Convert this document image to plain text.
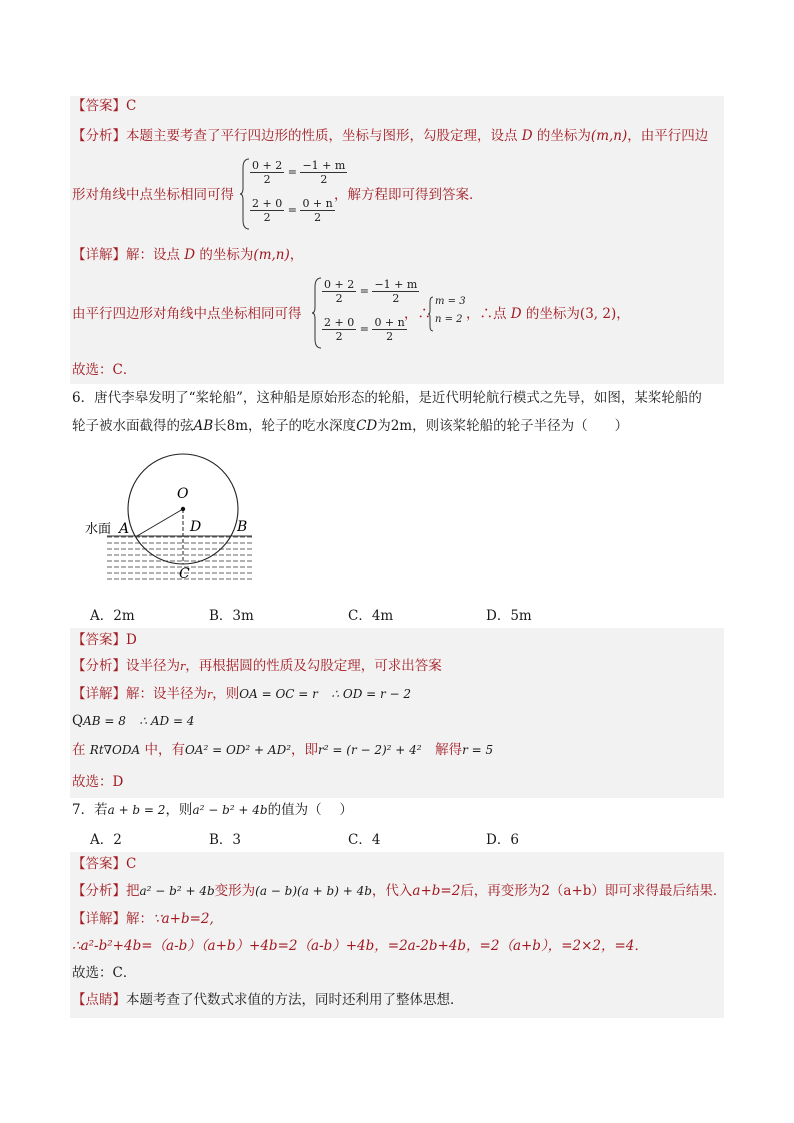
【答案】C
【分析】本题主要考查了平行四边形的性质，坐标与图形，勾股定理，设点 D 的坐标为(m,n)，由平行四边
形对角线中点坐标相同可得
$\frac{0 + 2}{2} = \frac{-1 + m}{2}$
$\frac{2 + 0}{2} = \frac{0 + n}{2}$
，解方程即可得到答案．
【详解】解：设点 D 的坐标为(m,n)，
由平行四边形对角线中点坐标相同可得
$\frac{0 + 2}{2} = \frac{-1 + m}{2}$
$\frac{2 + 0}{2} = \frac{0 + n}{2}$
，∴
m = 3
n = 2 ，∴点 D 的坐标为(3, 2)，
故选：C．
6．唐代李皋发明了“桨轮船”，这种船是原始形态的轮船，是近代明轮航行模式之先导，如图，某桨轮船的
轮子被水面截得的弦AB长8m，轮子的吃水深度CD为2m，则该桨轮船的轮子半径为（　　）
O
A	B
D
C
水面
A．2m	B．3m	C．4m	D．5m
【答案】D
【分析】设半径为r，再根据圆的性质及勾股定理，可求出答案
【详解】解：设半径为r，则OA = OC = r　 ∴ OD = r − 2
QAB = 8　 ∴ AD = 4
在 Rt∇ODA 中，有OA² = OD² + AD²，即r² = (r − 2)² + 4²　 解得r = 5
故选：D
7．若a + b = 2，则a² − b² + 4b的值为（　 ）
A．2	B．3	C．4	D．6
【答案】C
【分析】把a² − b² + 4b变形为(a − b)(a + b) + 4b，代入a+b=2后，再变形为2（a+b）即可求得最后结果．
【详解】解：∵a+b=2,
∴a²-b²+4b=（a-b）（a+b）+4b=2（a-b）+4b，=2a-2b+4b，=2（a+b），=2×2，=4．
故选：C．
【点睛】本题考查了代数式求值的方法，同时还利用了整体思想．
